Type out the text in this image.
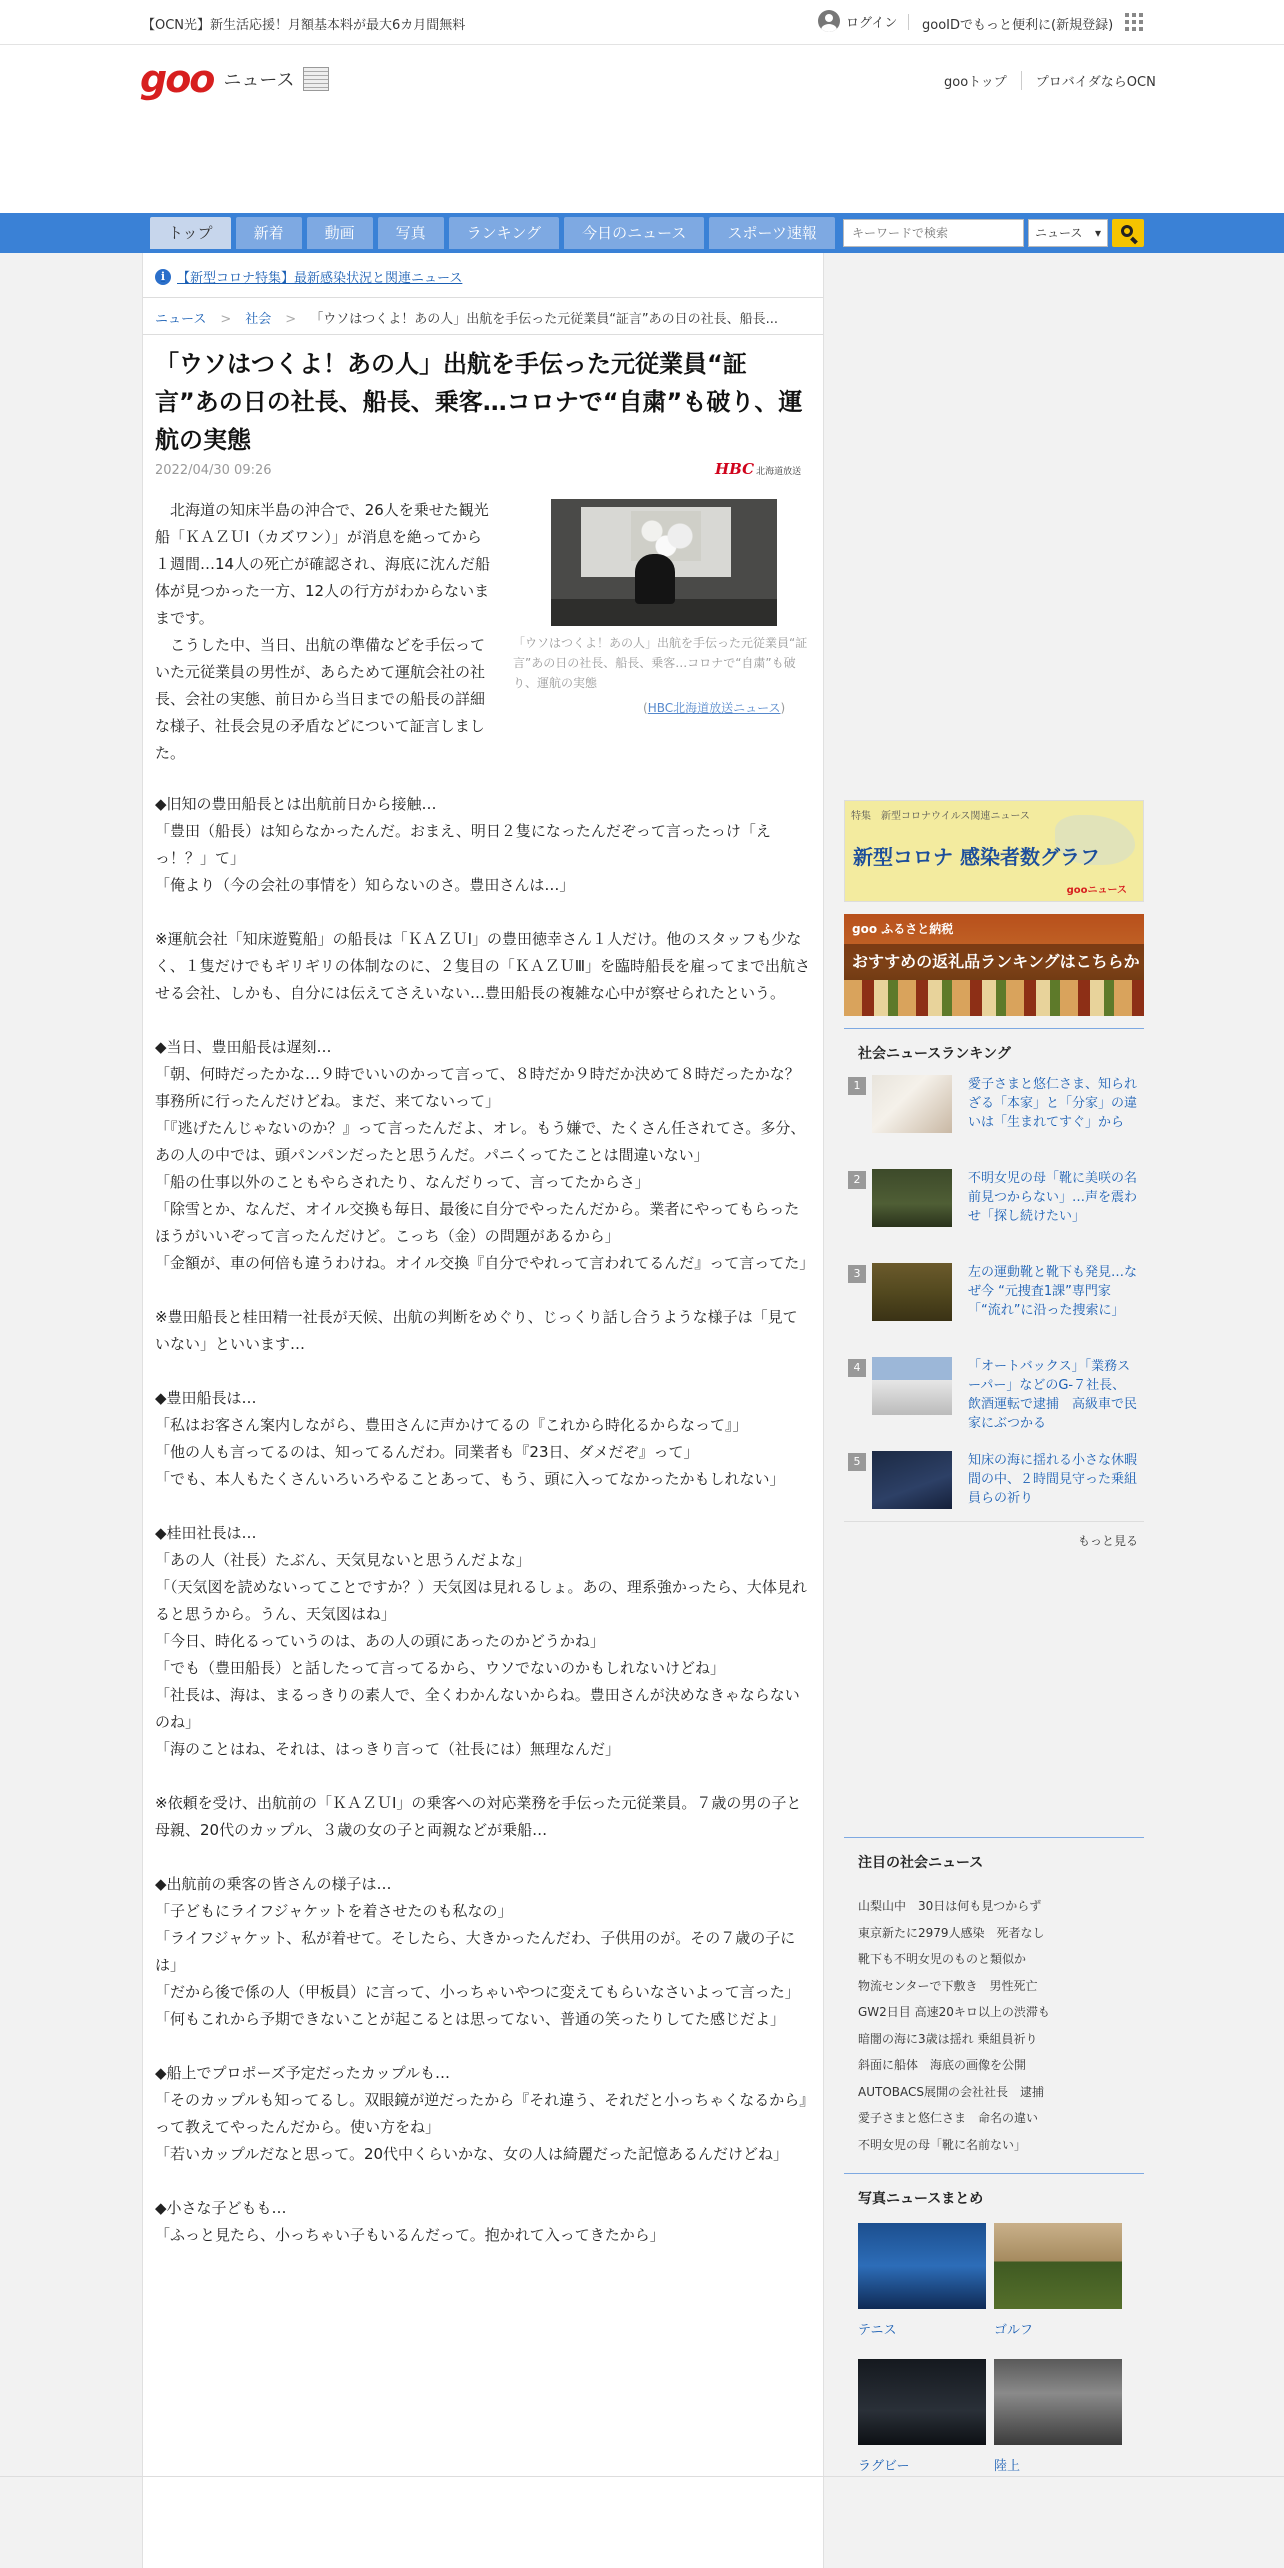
【OCN光】新生活応援！月額基本料が最大6カ月間無料	ログイン gooIDでもっと便利に(新規登録)
goo ニュース	gooトップ	プロバイダならOCN
トップ	新着	動画	写真	ランキング	今日のニュース	スポーツ速報
キーワードで検索	ニュース ▾
i 【新型コロナ特集】最新感染状況と関連ニュース
ニュース > 社会 > 「ウソはつくよ！あの人」出航を手伝った元従業員“証言”あの日の社長、船長...
「ウソはつくよ！あの人」出航を手伝った元従業員“証言”あの日の社長、船長、乗客…コロナで“自粛”も破り、運航の実態
2022/04/30 09:26	HBC 北海道放送

北海道の知床半島の沖合で、26人を乗せた観光船「ＫＡＺＵⅠ（カズワン）」が消息を絶ってから１週間…14人の死亡が確認され、海底に沈んだ船体が見つかった一方、12人の行方がわからないままです。

こうした中、当日、出航の準備などを手伝っていた元従業員の男性が、あらためて運航会社の社長、会社の実態、前日から当日までの船長の詳細な様子、社長会見の矛盾などについて証言しました。

「ウソはつくよ！あの人」出航を手伝った元従業員“証言”あの日の社長、船長、乗客…コロナで“自粛”も破り、運航の実態
(HBC北海道放送ニュース)

◆旧知の豊田船長とは出航前日から接触…

「豊田（船長）は知らなかったんだ。おまえ、明日２隻になったんだぞって言ったっけ「えっ！？」て」

「俺より（今の会社の事情を）知らないのさ。豊田さんは…」

※運航会社「知床遊覧船」の船長は「ＫＡＺＵⅠ」の豊田徳幸さん１人だけ。他のスタッフも少なく、１隻だけでもギリギリの体制なのに、２隻目の「ＫＡＺＵⅢ」を臨時船長を雇ってまで出航させる会社、しかも、自分には伝えてさえいない…豊田船長の複雑な心中が察せられたという。

◆当日、豊田船長は遅刻…

「朝、何時だったかな…９時でいいのかって言って、８時だか９時だか決めて８時だったかな？事務所に行ったんだけどね。まだ、来てないって」

「『逃げたんじゃないのか？』って言ったんだよ、オレ。もう嫌で、たくさん任されてさ。多分、あの人の中では、頭パンパンだったと思うんだ。パニくってたことは間違いない」

「船の仕事以外のこともやらされたり、なんだりって、言ってたからさ」

「除雪とか、なんだ、オイル交換も毎日、最後に自分でやったんだから。業者にやってもらったほうがいいぞって言ったんだけど。こっち（金）の問題があるから」

「金額が、車の何倍も違うわけね。オイル交換『自分でやれって言われてるんだ』って言ってた」

※豊田船長と桂田精一社長が天候、出航の判断をめぐり、じっくり話し合うような様子は「見ていない」といいます…

◆豊田船長は…

「私はお客さん案内しながら、豊田さんに声かけてるの『これから時化るからなって』」

「他の人も言ってるのは、知ってるんだわ。同業者も『23日、ダメだぞ』って」

「でも、本人もたくさんいろいろやることあって、もう、頭に入ってなかったかもしれない」

◆桂田社長は…

「あの人（社長）たぶん、天気見ないと思うんだよな」

「（天気図を読めないってことですか？）天気図は見れるしょ。あの、理系強かったら、大体見れると思うから。うん、天気図はね」

「今日、時化るっていうのは、あの人の頭にあったのかどうかね」

「でも（豊田船長）と話したって言ってるから、ウソでないのかもしれないけどね」

「社長は、海は、まるっきりの素人で、全くわかんないからね。豊田さんが決めなきゃならないのね」

「海のことはね、それは、はっきり言って（社長には）無理なんだ」

※依頼を受け、出航前の「ＫＡＺＵⅠ」の乗客への対応業務を手伝った元従業員。７歳の男の子と母親、20代のカップル、３歳の女の子と両親などが乗船…

◆出航前の乗客の皆さんの様子は…

「子どもにライフジャケットを着させたのも私なの」

「ライフジャケット、私が着せて。そしたら、大きかったんだわ、子供用のが。その７歳の子には」

「だから後で係の人（甲板員）に言って、小っちゃいやつに変えてもらいなさいよって言った」

「何もこれから予期できないことが起こるとは思ってない、普通の笑ったりしてた感じだよ」

◆船上でプロポーズ予定だったカップルも…

「そのカップルも知ってるし。双眼鏡が逆だったから『それ違う、それだと小っちゃくなるから』って教えてやったんだから。使い方をね」

「若いカップルだなと思って。20代中くらいかな、女の人は綺麗だった記憶あるんだけどね」

◆小さな子どもも…

「ふっと見たら、小っちゃい子もいるんだって。抱かれて入ってきたから」

特集　新型コロナウイルス関連ニュース
新型コロナ 感染者数グラフ
gooニュース
goo ふるさと納税
おすすめの返礼品ランキングはこちらか
社会ニュースランキング
1	愛子さまと悠仁さま、知られざる「本家」と「分家」の違いは「生まれてすぐ」から
2	不明女児の母「靴に美咲の名前見つからない」…声を震わせ「探し続けたい」
3	左の運動靴と靴下も発見…なぜ今 “元捜査1課”専門家「“流れ”に沿った捜索に」
4	「オートバックス」「業務スーパー」などのG-７社長、飲酒運転で逮捕　高級車で民家にぶつかる
5	知床の海に揺れる小さな休暇間の中、２時間見守った乗組員らの祈り
もっと見る
注目の社会ニュース
山梨山中　30日は何も見つからず
東京新たに2979人感染　死者なし
靴下も不明女児のものと類似か
物流センターで下敷き　男性死亡
GW2日目 高速20キロ以上の渋滞も
暗闇の海に3歳は揺れ 乗組員祈り
斜面に船体　海底の画像を公開
AUTOBACS展開の会社社長　逮捕
愛子さまと悠仁さま　命名の違い
不明女児の母「靴に名前ない」
写真ニュースまとめ
テニス	ゴルフ
ラグビー	陸上
